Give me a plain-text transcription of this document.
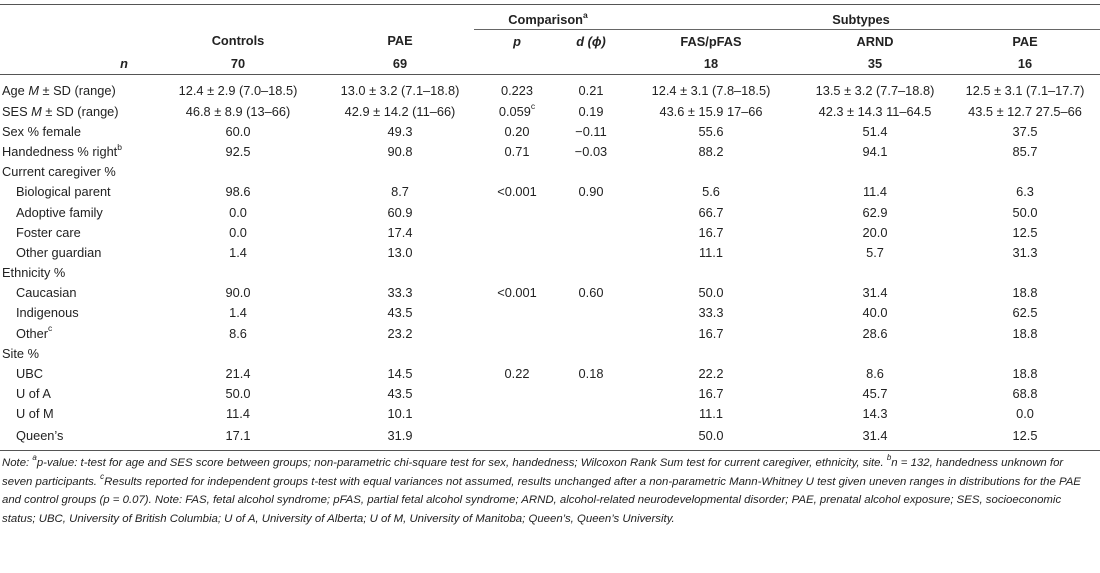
			Comparison$^a$		Subtypes		
	Controls	PAE	p	d (ϕ)	FAS/pFAS	ARND	PAE
n	70	69			18	35	16
Age M ± SD (range)	12.4 ± 2.9 (7.0–18.5)	13.0 ± 3.2 (7.1–18.8)	0.223	0.21	12.4 ± 3.1 (7.8–18.5)	13.5 ± 3.2 (7.7–18.8)	12.5 ± 3.1 (7.1–17.7)
SES M ± SD (range)	46.8 ± 8.9 (13–66)	42.9 ± 14.2 (11–66)	0.059$^c$	0.19	43.6 ± 15.9 17–66	42.3 ± 14.3 11–64.5	43.5 ± 12.7 27.5–66
Sex % female	60.0	49.3	0.20	−0.11	55.6	51.4	37.5
Handedness % right$^b$	92.5	90.8	0.71	−0.03	88.2	94.1	85.7
Current caregiver %							
Biological parent	98.6	8.7	<0.001	0.90	5.6	11.4	6.3
Adoptive family	0.0	60.9			66.7	62.9	50.0
Foster care	0.0	17.4			16.7	20.0	12.5
Other guardian	1.4	13.0			11.1	5.7	31.3
Ethnicity %							
Caucasian	90.0	33.3	<0.001	0.60	50.0	31.4	18.8
Indigenous	1.4	43.5			33.3	40.0	62.5
Other$^c$	8.6	23.2			16.7	28.6	18.8
Site %							
UBC	21.4	14.5	0.22	0.18	22.2	8.6	18.8
U of A	50.0	43.5			16.7	45.7	68.8
U of M	11.4	10.1			11.1	14.3	0.0
Queen’s	17.1	31.9			50.0	31.4	12.5
Note: $^a$p-value: t-test for age and SES score between groups; non-parametric chi-square test for sex, handedness; Wilcoxon Rank Sum test for current caregiver, ethnicity, site. $^b$n = 132, handedness unknown for seven participants. $^c$Results reported for independent groups t-test with equal variances not assumed, results unchanged after a non-parametric Mann-Whitney U test given uneven ranges in distributions for the PAE and control groups (p = 0.07). Note: FAS, fetal alcohol syndrome; pFAS, partial fetal alcohol syndrome; ARND, alcohol-related neurodevelopmental disorder; PAE, prenatal alcohol exposure; SES, socioeconomic status; UBC, University of British Columbia; U of A, University of Alberta; U of M, University of Manitoba; Queen’s, Queen’s University.
